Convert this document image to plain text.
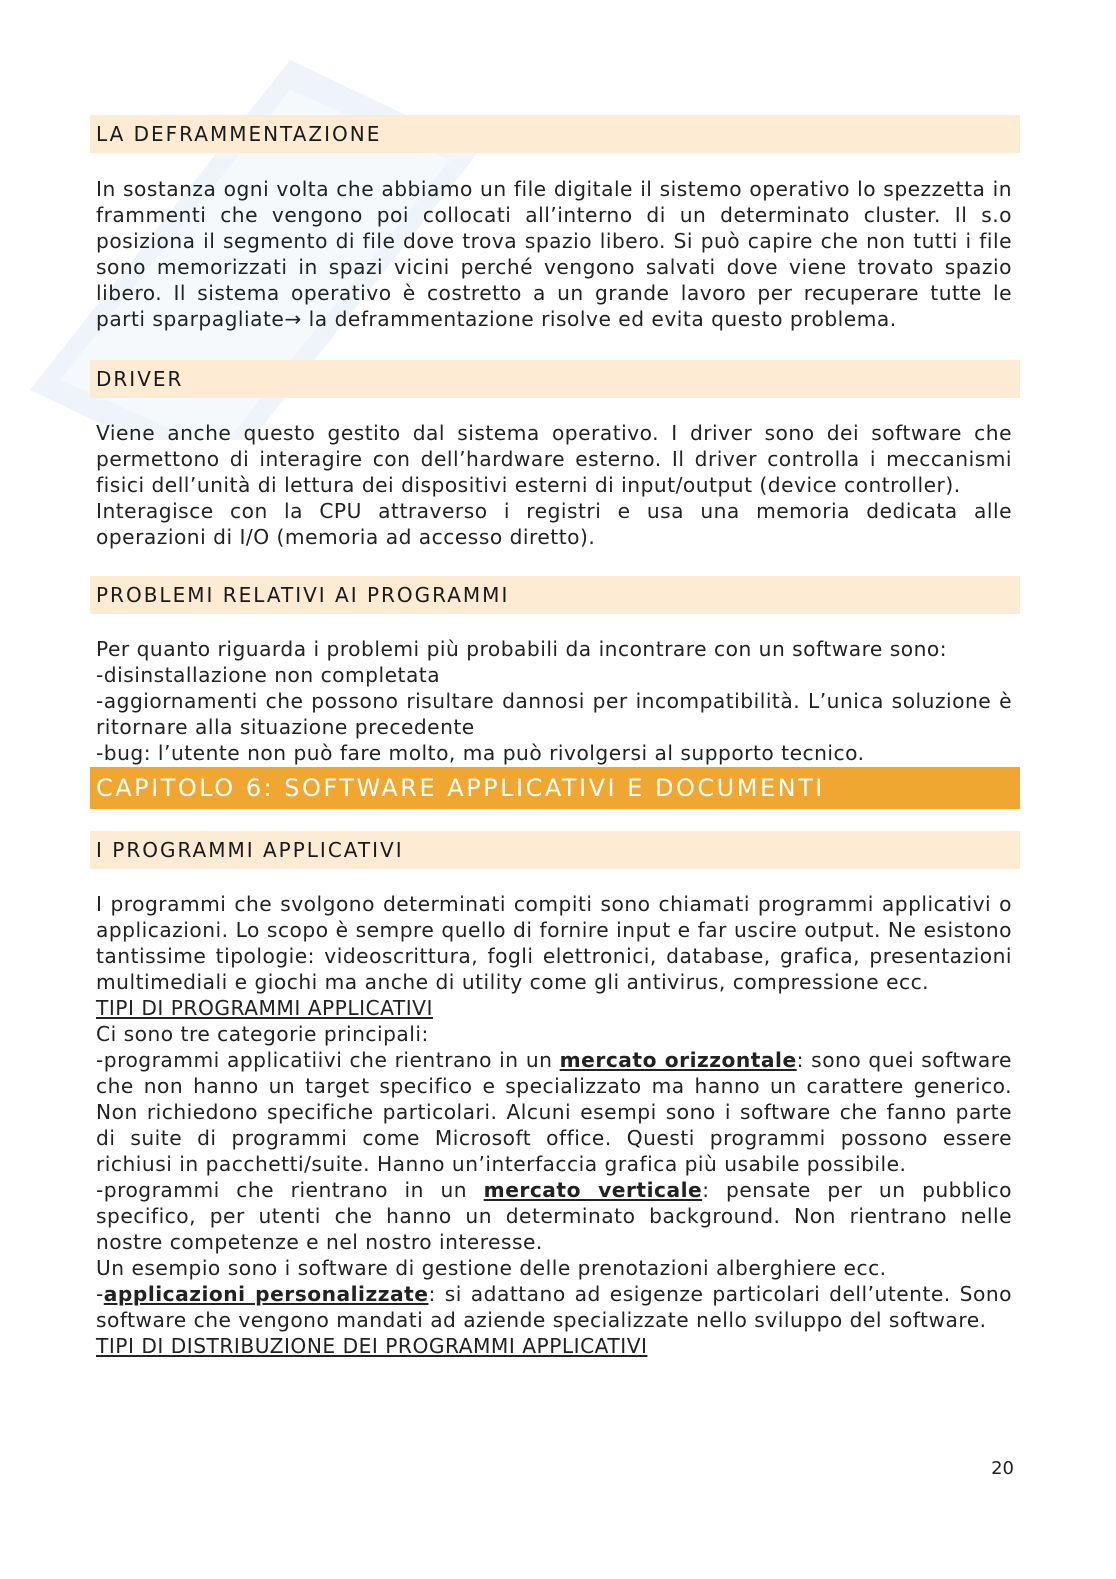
LA DEFRAMMENTAZIONE

In sostanza ogni volta che abbiamo un file digitale il sistemo operativo lo spezzetta in frammenti che vengono poi collocati all’interno di un determinato cluster. Il s.o posiziona il segmento di file dove trova spazio libero. Si può capire che non tutti i file sono memorizzati in spazi vicini perché vengono salvati dove viene trovato spazio libero. Il sistema operativo è costretto a un grande lavoro per recuperare tutte le parti sparpagliate→ la deframmentazione risolve ed evita questo problema.

DRIVER

Viene anche questo gestito dal sistema operativo. I driver sono dei software che permettono di interagire con dell’hardware esterno. Il driver controlla i meccanismi fisici dell’unità di lettura dei dispositivi esterni di input/output (device controller).

Interagisce con la CPU attraverso i registri e usa una memoria dedicata alle operazioni di I/O (memoria ad accesso diretto).

PROBLEMI RELATIVI AI PROGRAMMI

Per quanto riguarda i problemi più probabili da incontrare con un software sono:

-disinstallazione non completata

-aggiornamenti che possono risultare dannosi per incompatibilità. L’unica soluzione è ritornare alla situazione precedente

-bug: l’utente non può fare molto, ma può rivolgersi al supporto tecnico.

CAPITOLO 6: SOFTWARE APPLICATIVI E DOCUMENTI
I PROGRAMMI APPLICATIVI

I programmi che svolgono determinati compiti sono chiamati programmi applicativi o applicazioni. Lo scopo è sempre quello di fornire input e far uscire output. Ne esistono tantissime tipologie: videoscrittura, fogli elettronici, database, grafica, presentazioni multimediali e giochi ma anche di utility come gli antivirus, compressione ecc.

TIPI DI PROGRAMMI APPLICATIVI

Ci sono tre categorie principali:

-programmi applicatiivi che rientrano in un mercato orizzontale: sono quei software che non hanno un target specifico e specializzato ma hanno un carattere generico. Non richiedono specifiche particolari. Alcuni esempi sono i software che fanno parte di suite di programmi come Microsoft office. Questi programmi possono essere richiusi in pacchetti/suite. Hanno un’interfaccia grafica più usabile possibile.

-programmi che rientrano in un mercato verticale: pensate per un pubblico specifico, per utenti che hanno un determinato background. Non rientrano nelle nostre competenze e nel nostro interesse.

Un esempio sono i software di gestione delle prenotazioni alberghiere ecc.

-applicazioni personalizzate: si adattano ad esigenze particolari dell’utente. Sono software che vengono mandati ad aziende specializzate nello sviluppo del software.

TIPI DI DISTRIBUZIONE DEI PROGRAMMI APPLICATIVI

20
